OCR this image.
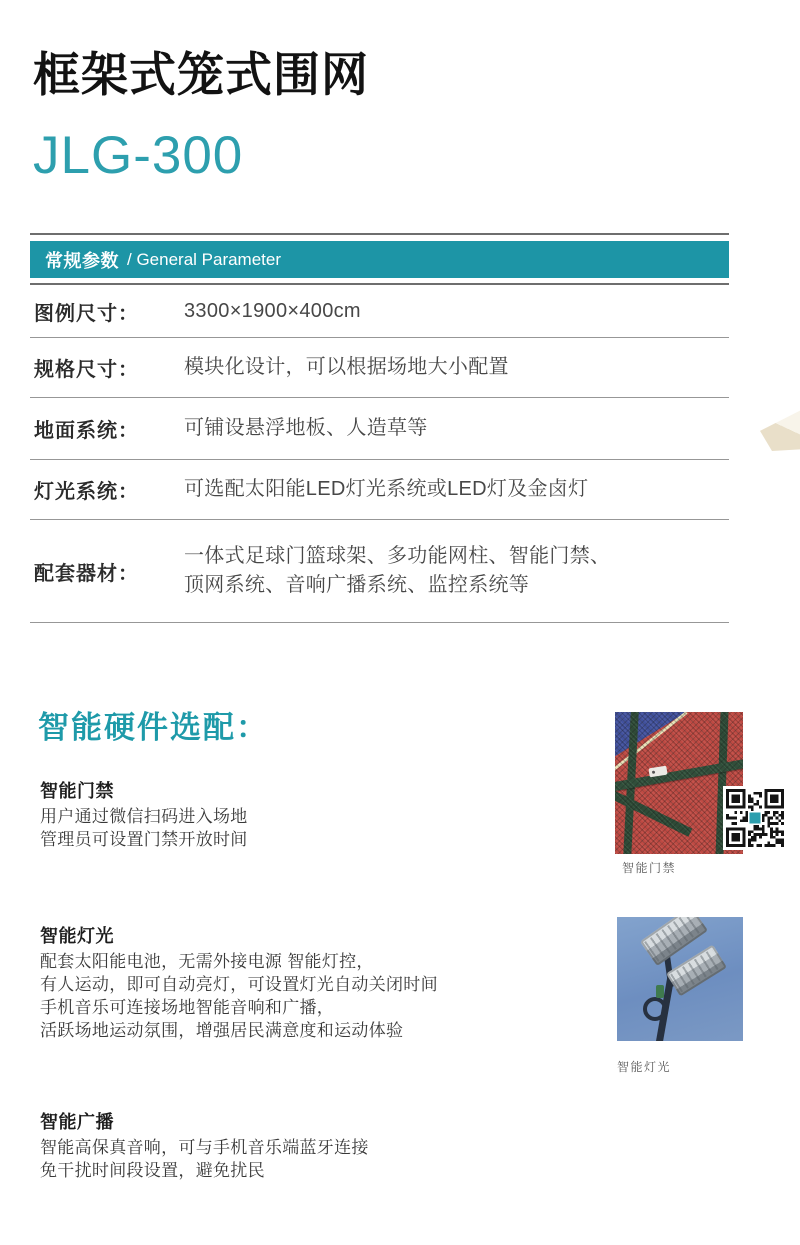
框架式笼式围网
JLG-300
常规参数 / General Parameter
图例尺寸：	3300×1900×400cm
规格尺寸：	模块化设计，可以根据场地大小配置
地面系统：	可铺设悬浮地板、人造草等
灯光系统：	可选配太阳能LED灯光系统或LED灯及金卤灯
配套器材：
一体式足球门篮球架、多功能网柱、智能门禁、
顶网系统、音响广播系统、监控系统等
智能硬件选配：
智能门禁
用户通过微信扫码进入场地
管理员可设置门禁开放时间
智能灯光
配套太阳能电池，无需外接电源 智能灯控，
有人运动，即可自动亮灯，可设置灯光自动关闭时间
手机音乐可连接场地智能音响和广播，
活跃场地运动氛围，增强居民满意度和运动体验
智能广播
智能高保真音响，可与手机音乐端蓝牙连接
免干扰时间段设置，避免扰民
智能门禁
智能灯光
